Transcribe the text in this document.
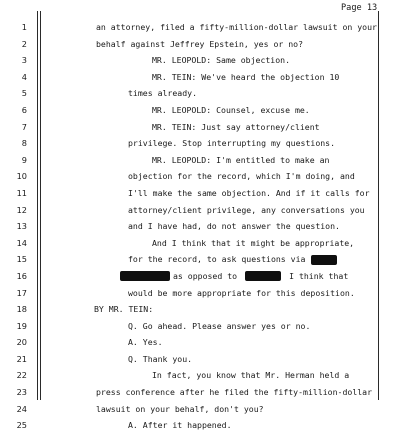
Page 13
1	an attorney, filed a fifty-million-dollar lawsuit on your
2	behalf against Jeffrey Epstein, yes or no?
3	MR. LEOPOLD: Same objection.
4	MR. TEIN: We've heard the objection 10
5	times already.
6	MR. LEOPOLD: Counsel, excuse me.
7	MR. TEIN: Just say attorney/client
8	privilege. Stop interrupting my questions.
9	MR. LEOPOLD: I'm entitled to make an
10	objection for the record, which I'm doing, and
11	I'll make the same objection. And if it calls for
12	attorney/client privilege, any conversations you
13	and I have had, do not answer the question.
14	And I think that it might be appropriate,
15	for the record, to ask questions via
16	as opposed to	I think that
17	would be more appropriate for this deposition.
18	BY MR. TEIN:
19	Q. Go ahead. Please answer yes or no.
20	A. Yes.
21	Q. Thank you.
22	In fact, you know that Mr. Herman held a
23	press conference after he filed the fifty-million-dollar
24	lawsuit on your behalf, don't you?
25	A. After it happened.
